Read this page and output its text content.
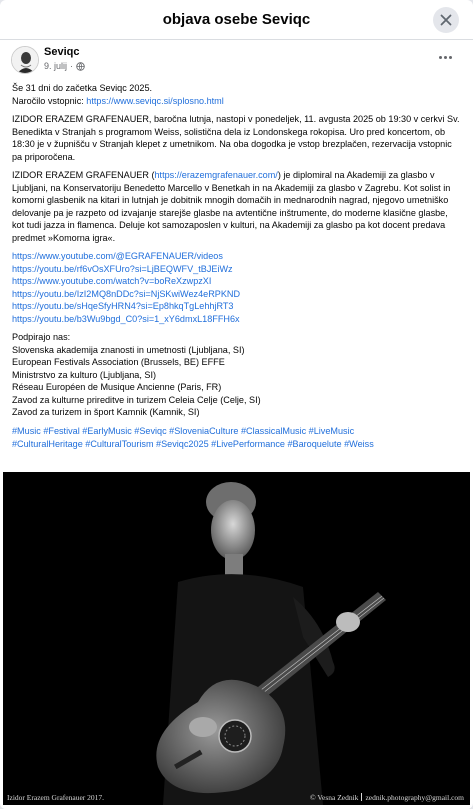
objava osebe Seviqc
Seviqc
9. julij ·

Še 31 dni do začetka Seviqc 2025.
Naročilo vstopnic: https://www.seviqc.si/splosno.html

IZIDOR ERAZEM GRAFENAUER, baročna lutnja, nastopi v ponedeljek, 11. avgusta 2025 ob 19:30 v cerkvi Sv. Benedikta v Stranjah s programom Weiss, solistična dela iz Londonskega rokopisa. Uro pred koncertom, ob 18:30 je v župnišču v Stranjah klepet z umetnikom. Na oba dogodka je vstop brezplačen, rezervacija vstopnic pa priporočena.

IZIDOR ERAZEM GRAFENAUER (https://erazemgrafenauer.com/) je diplomiral na Akademiji za glasbo v Ljubljani, na Konservatoriju Benedetto Marcello v Benetkah in na Akademiji za glasbo v Zagrebu. Kot solist in komorni glasbenik na kitari in lutnjah je dobitnik mnogih domačih in mednarodnih nagrad, njegovo umetniško delovanje pa je razpeto od izvajanje starejše glasbe na avtentične inštrumente, do moderne klasične glasbe, kot tudi jazza in flamenca. Deluje kot samozaposlen v kulturi, na Akademiji za glasbo pa kot docent predava predmet »Komorna igra«.

https://www.youtube.com/@EGRAFENAUER/videos
https://youtu.be/rf6vOsXFUro?si=LjBEQWFV_tBJEiWz
https://www.youtube.com/watch?v=boReXzwpzXI
https://youtu.be/IzI2MQ8nDDc?si=NjSKwiWez4eRPKND
https://youtu.be/sHqeSfyHRN4?si=Ep8hkqTgLehhjRT3
https://youtu.be/b3Wu9bgd_C0?si=1_xY6dmxL18FFH6x

Podpirajo nas:
Slovenska akademija znanosti in umetnosti (Ljubljana, SI)
European Festivals Association (Brussels, BE) EFFE
Ministrstvo za kulturo (Ljubljana, SI)
Réseau Européen de Musique Ancienne (Paris, FR)
Zavod za kulturne prireditve in turizem Celeia Celje (Celje, SI)
Zavod za turizem in šport Kamnik (Kamnik, SI)

#Music #Festival #EarlyMusic #Seviqc #SloveniaCulture #ClassicalMusic #LiveMusic
#CulturalHeritage #CulturalTourism #Seviqc2025 #LivePerformance #Baroquelute #Weiss

Izidor Erazem Grafenauer 2017.	© Vesna Zednik zednik.photography@gmail.com
